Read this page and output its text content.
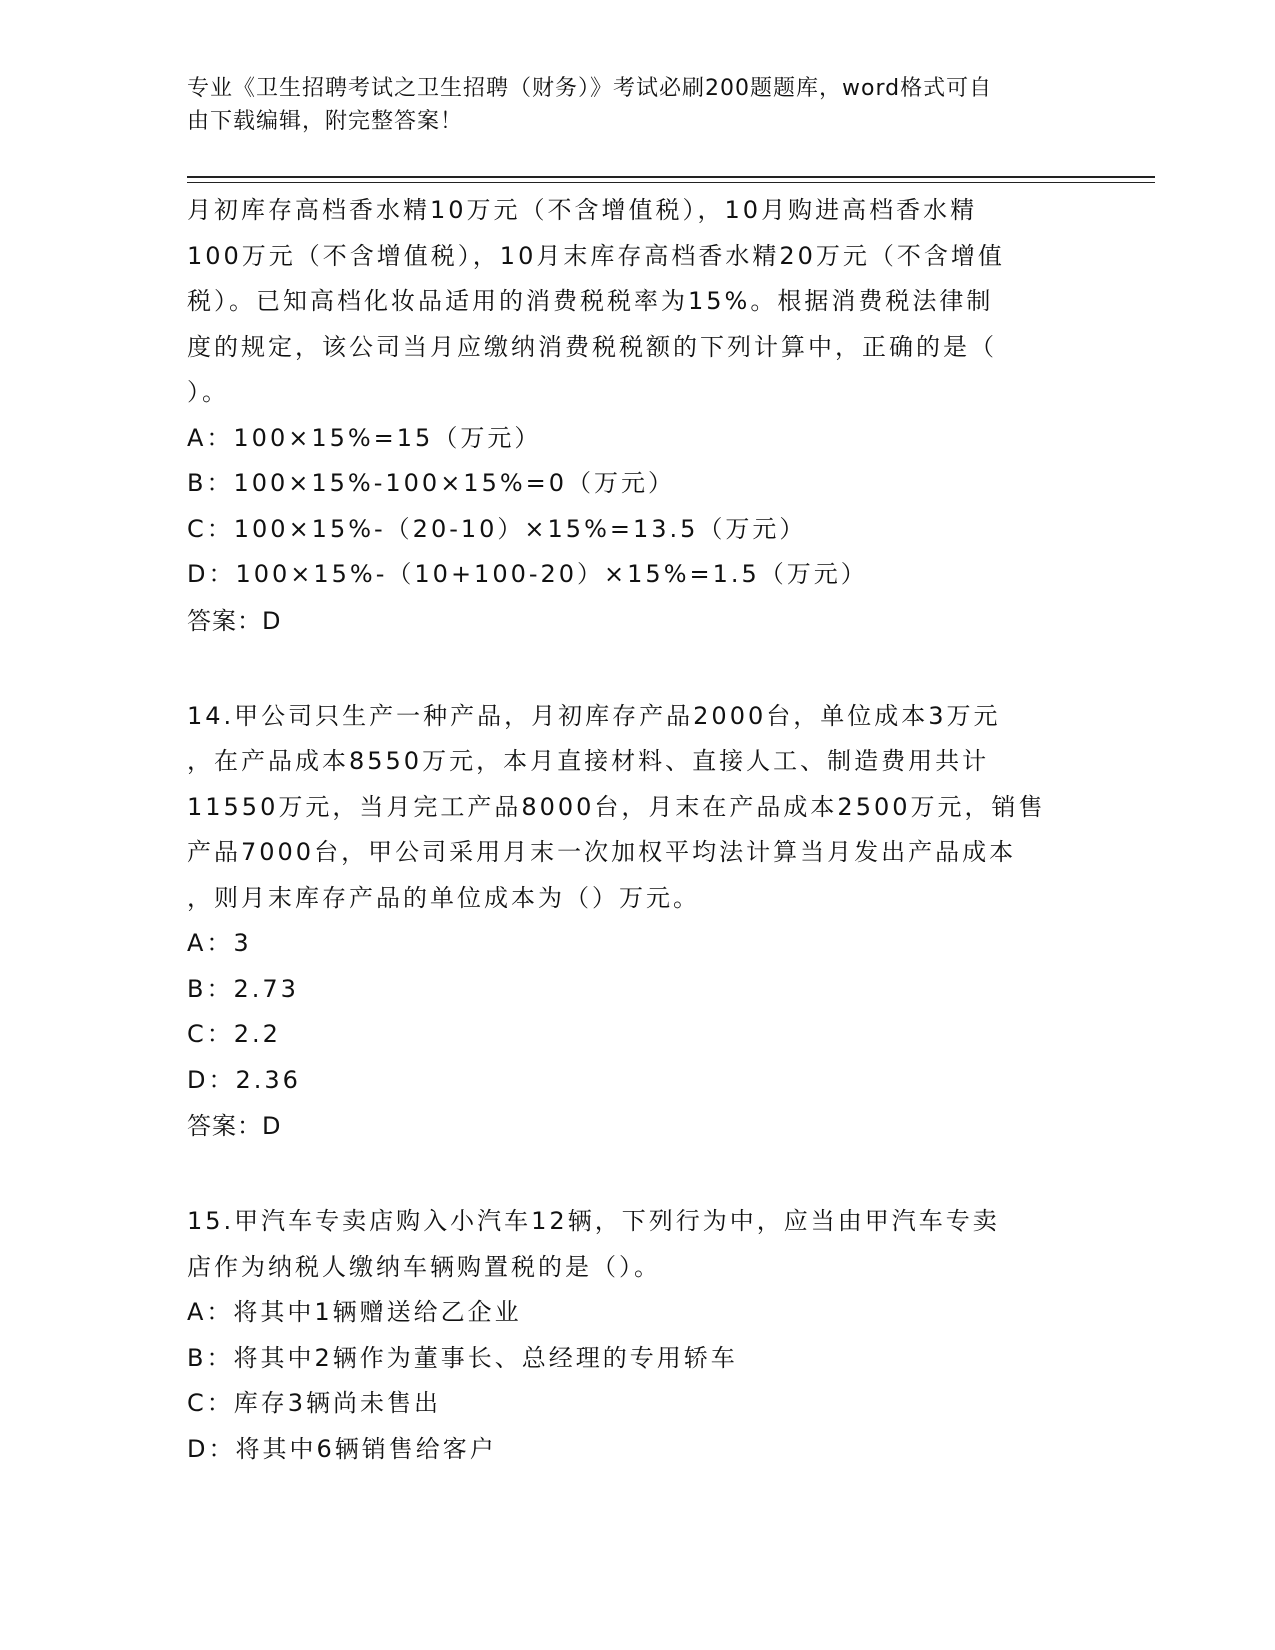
专业《卫生招聘考试之卫生招聘（财务）》考试必刷200题题库，word格式可自
由下载编辑，附完整答案！
月初库存高档香水精10万元（不含增值税），10月购进高档香水精
100万元（不含增值税），10月末库存高档香水精20万元（不含增值
税）。已知高档化妆品适用的消费税税率为15%。根据消费税法律制
度的规定，该公司当月应缴纳消费税税额的下列计算中，正确的是（
）。
A：100×15%=15（万元）
B：100×15%-100×15%=0（万元）
C：100×15%-（20-10）×15%=13.5（万元）
D：100×15%-（10+100-20）×15%=1.5（万元）
答案：D
14.甲公司只生产一种产品，月初库存产品2000台，单位成本3万元
，在产品成本8550万元，本月直接材料、直接人工、制造费用共计
11550万元，当月完工产品8000台，月末在产品成本2500万元，销售
产品7000台，甲公司采用月末一次加权平均法计算当月发出产品成本
，则月末库存产品的单位成本为（）万元。
A：3
B：2.73
C：2.2
D：2.36
答案：D
15.甲汽车专卖店购入小汽车12辆，下列行为中，应当由甲汽车专卖
店作为纳税人缴纳车辆购置税的是（）。
A：将其中1辆赠送给乙企业
B：将其中2辆作为董事长、总经理的专用轿车
C：库存3辆尚未售出
D：将其中6辆销售给客户
